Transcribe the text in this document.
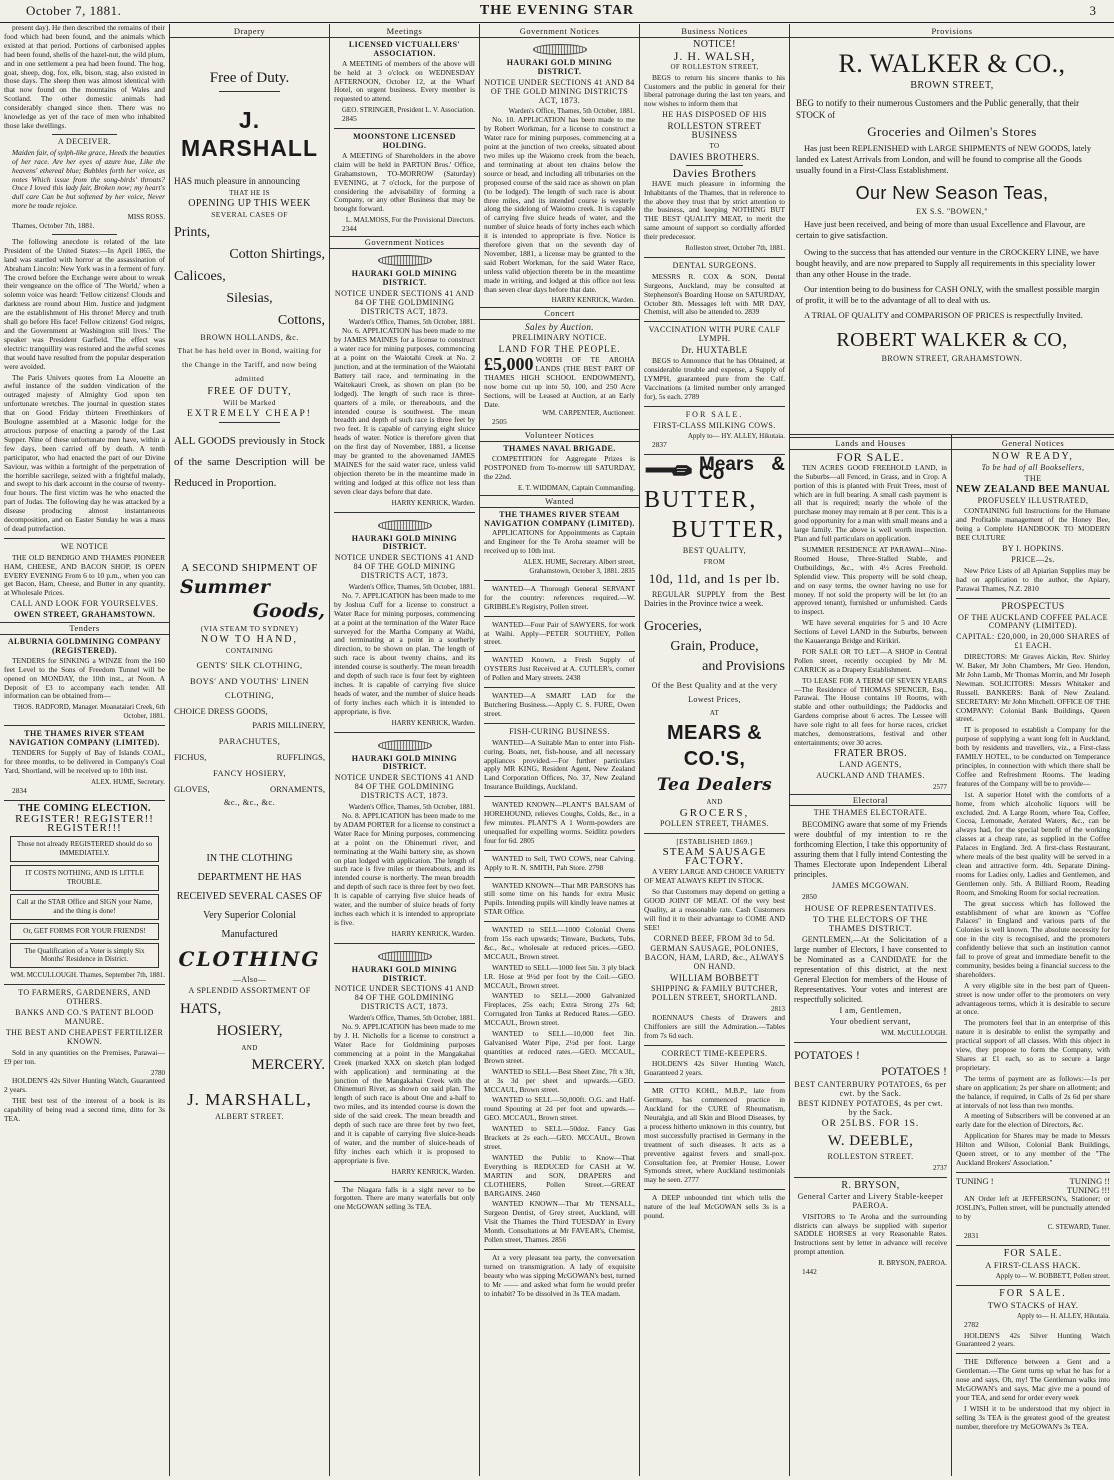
October 7, 1881.	THE EVENING STAR	3
present day). He then described the remains of their food which had been found, and the animals which existed at that period. Portions of carbonised apples had been found, shells of the hazel-nut, the wild plum, and in one settlement a pea had been found. The hog, goat, sheep, dog, fox, elk, bison, stag, also existed in those days. The sheep then was almost identical with that now found on the mountains of Wales and Scotland. The other domestic animals had considerably changed since then. There was no knowledge as yet of the race of men who inhabited those lake dwellings.
A DECEIVER.
Maiden fair, of sylph-like grace, Heeds the beauties of her race. Are her eyes of azure hue, Like the heavens' ethereal blue; Bubbles forth her voice, as notes Which issue from the song-birds' throats? Once I loved this lady fair, Broken now; my heart's dull care Can be but softened by her voice, Never more be made rejoice.
MISS ROSS.
Thames, October 7th, 1881.
The following anecdote is related of the late President of the United States:—In April 1865, the land was startled with horror at the assassination of Abraham Lincoln: New York was in a ferment of fury. The crowd before the Exchange were about to wreak their vengeance on the office of 'The World,' when a solemn voice was heard: 'Fellow citizens! Clouds and darkness are round about Him. Justice and judgment are the establishment of His throne! Mercy and truth shall go before His face! Fellow citizens! God reigns, and the Government at Washington still lives.' The speaker was President Garfield. The effect was electric: tranquillity was restored and the awful scenes that would have resulted from the popular desperation were avoided.
The Paris Univers quotes from La Alouette an awful instance of the sudden vindication of the outraged majesty of Almighty God upon ten unfortunate wretches. The journal in question states that on Good Friday thirteen Freethinkers of Boulogne assembled at a Masonic lodge for the atrocious purpose of enacting a parody of the Last Supper. Nine of these unfortunate men have, within a few days, been carried off by death. A tenth participator, who had enacted the part of our Divine Saviour, was within a fortnight of the perpetration of the horrible sacrilege, seized with a frightful malady, and swept to his dark account in the course of twenty-four hours. The first victim was he who enacted the part of Judas. The following day he was attacked by a disease producing almost instantaneous decomposition, and on Easter Sunday he was a mass of dead putrefaction.
WE NOTICE
THE OLD BENDIGO AND THAMES PIONEER HAM, CHEESE, AND BACON SHOP, IS OPEN EVERY EVENING From 6 to 10 p.m., when you can get Bacon, Ham, Cheese, and Butter in any quantity, at Wholesale Prices.
CALL AND LOOK FOR YOURSELVES.
OWEN STREET, GRAHAMSTOWN.
Tenders
ALBURNIA GOLDMINING COMPANY (REGISTERED).
TENDERS for SINKING a WINZE from the 160 feet Level to the Sons of Freedom Tunnel will be opened on MONDAY, the 10th inst., at Noon. A Deposit of £3 to accompany each tender. All information can be obtained from—
THOS. RADFORD, Manager. Moanataiari Creek, 6th October, 1881.
THE THAMES RIVER STEAM NAVIGATION COMPANY (LIMITED).
TENDERS for Supply of Bay of Islands COAL, for three months, to be delivered in Company's Coal Yard, Shortland, will be received up to 10th inst.
ALEX. HUME, Secretary.
2834
THE COMING ELECTION.
REGISTER! REGISTER!! REGISTER!!!
Those not already REGISTERED should do so IMMEDIATELY.
IT COSTS NOTHING, AND IS LITTLE TROUBLE.
Call at the STAR Office and SIGN your Name, and the thing is done!
Or, GET FORMS FOR YOUR FRIENDS!
The Qualification of a Voter is simply Six Months' Residence in District.
WM. MCCULLOUGH. Thames, September 7th, 1881.
TO FARMERS, GARDENERS, AND OTHERS.
BANKS AND CO.'S PATENT BLOOD MANURE.
THE BEST AND CHEAPEST FERTILIZER KNOWN.
Sold in any quantities on the Premises, Parawai—£9 per ton.
2780
HOLDEN'S 42s Silver Hunting Watch, Guaranteed 2 years.
THE best test of the interest of a book is its capability of being read a second time, ditto for 3s TEA.
Drapery
Free of Duty.
J. MARSHALL
HAS much pleasure in announcing
THAT HE IS
OPENING UP THIS WEEK
SEVERAL CASES OF
Prints,
Cotton Shirtings,
Calicoes,
Silesias,
Cottons,
BROWN HOLLANDS, &c.
That he has held over in Bond, waiting for the Change in the Tariff, and now being admitted
FREE OF DUTY,
Will be Marked
EXTREMELY CHEAP!
ALL GOODS previously in Stock of the same Description will be Reduced in Proportion.
A SECOND SHIPMENT OF
Summer
Goods,
(VIA STEAM TO SYDNEY)
NOW TO HAND,
CONTAINING
GENTS' SILK CLOTHING,
BOYS' AND YOUTHS' LINEN CLOTHING,
CHOICE DRESS GOODS,
PARIS MILLINERY,
PARACHUTES,
FICHUS,	RUFFLINGS,
FANCY HOSIERY,
GLOVES,	ORNAMENTS,
&c., &c., &c.
IN THE CLOTHING DEPARTMENT HE HAS RECEIVED SEVERAL CASES OF
Very Superior Colonial Manufactured
CLOTHING
—Also—
A SPLENDID ASSORTMENT OF
HATS,
HOSIERY,
AND
MERCERY.
J. MARSHALL,
ALBERT STREET.
Meetings
LICENSED VICTUALLERS' ASSOCIATION.
A MEETING of members of the above will be held at 3 o'clock on WEDNESDAY AFTERNOON, October 12, at the Wharf Hotel, on urgent business. Every member is requested to attend.
GEO. STRINGER, President L. V. Association.
2845
MOONSTONE LICENSED HOLDING.
A MEETING of Shareholders in the above claim will be held in PARTON Bros.' Office, Grahamstown, TO-MORROW (Saturday) EVENING, at 7 o'clock, for the purpose of considering the advisability of forming a Company, or any other Business that may be brought forward.
L. MALMOSS, For the Provisional Directors.
2344
Government Notices
HAURAKI GOLD MINING DISTRICT.
NOTICE UNDER SECTIONS 41 AND 84 OF THE GOLDMINING DISTRICTS ACT, 1873.
Warden's Office, Thames, 5th October, 1881.
No. 6. APPLICATION has been made to me by JAMES MAINES for a license to construct a water race for mining purposes, commencing at a point on the Waiotahi Creek at No. 2 junction, and at the termination of the Waiotahi Battery tail race, and terminating in the Waitekauri Creek, as shown on plan (to be lodged). The length of such race is three-quarters of a mile, or thereabouts, and the intended course is southwest. The mean breadth and depth of such race is three feet by two feet. It is capable of carrying eight sluice heads of water. Notice is therefore given that on the first day of November, 1881, a license may be granted to the abovenamed JAMES MAINES for the said water race, unless valid objection thereto be in the meantime made in writing and lodged at this office not less than seven clear days before that date.
HARRY KENRICK, Warden.
HAURAKI GOLD MINING DISTRICT.
NOTICE UNDER SECTIONS 41 AND 84 OF THE GOLD MINING DISTRICTS ACT, 1873.
Warden's Office, Thames, 5th October, 1881.
No. 7. APPLICATION has been made to me by Joshua Cuff for a license to construct a Water Race for mining purposes, commencing at a point at the termination of the Water Race surveyed for the Martha Company at Waihi, and terminating at a point in a southerly direction, to be shown on plan. The length of such race is about twenty chains, and its intended course is southerly. The mean breadth and depth of such race is four feet by eighteen inches. It is capable of carrying five sluice heads of water, and the number of sluice heads of forty inches each which it is intended to appropriate, is five.
HARRY KENRICK, Warden.
HAURAKI GOLD MINING DISTRICT.
NOTICE UNDER SECTIONS 41 AND 84 OF THE GOLDMINING DISTRICTS ACT, 1873.
Warden's Office, Thames, 5th October, 1881.
No. 8. APPLICATION has been made to me by ADAM PORTER for a license to construct a Water Race for Mining purposes, commencing at a point on the Ohinemuri river, and terminating at the Waihi battery site, as shown on plan lodged with application. The length of such race is five miles or thereabouts, and its intended course is northerly. The mean breadth and depth of such race is three feet by two feet. It is capable of carrying five sluice heads of water, and the number of sluice heads of forty inches each which it is intended to appropriate is five.
HARRY KENRICK, Warden.
HAURAKI GOLD MINING DISTRICT.
NOTICE UNDER SECTIONS 41 AND 84 OF THE GOLDMINING DISTRICTS ACT, 1873.
Warden's Office, Thames, 5th October, 1881.
No. 9. APPLICATION has been made to me by J. H. Nicholls for a license to construct a Water Race for Goldmining purposes commencing at a point in the Mangakahai Creek (marked XXX on sketch plan lodged with application) and terminating at the junction of the Mangakahai Creek with the Ohinemuri River, as shown on said plan. The length of such race is about One and a-half to two miles, and its intended course is down the side of the said creek. The mean breadth and depth of such race are three feet by two feet, and it is capable of carrying five sluice-heads of water, and the number of sluice-heads of fifty inches each which it is proposed to appropriate is five.
HARRY KENRICK, Warden.
The Niagara falls is a sight never to be forgotten. There are many waterfalls but only one McGOWAN selling 3s TEA.
Government Notices
HAURAKI GOLD MINING DISTRICT.
NOTICE UNDER SECTIONS 41 AND 84 OF THE GOLD MINING DISTRICTS ACT, 1873.
Warden's Office, Thames, 5th October, 1881.
No. 10. APPLICATION has been made to me by Robert Workman, for a license to construct a Water race for mining purposes, commencing at a point at the junction of two creeks, situated about two miles up the Waiomo creek from the beach, and terminating at about ten chains below the source or head, and including all tributaries on the proposed course of the said race as shown on plan (to be lodged). The length of such race is about three miles, and its intended course is westerly along the sidelong of Waiomo creek. It is capable of carrying five sluice heads of water, and the number of sluice heads of forty inches each which it is intended to appropriate is five. Notice is therefore given that on the seventh day of November, 1881, a license may be granted to the said Robert Workman, for the said Water Race, unless valid objection thereto be in the meantime made in writing, and lodged at this office not less than seven clear days before that date.
HARRY KENRICK, Warden.
Concert
Sales by Auction.
PRELIMINARY NOTICE.
LAND FOR THE PEOPLE.
£5,000 WORTH OF TE AROHA LANDS (THE BEST PART OF THAMES HIGH SCHOOL ENDOWMENT), now borne cut up into 50, 100, and 250 Acre Sections, will be Leased at Auction, at an Early Date.
WM. CARPENTER, Auctioneer.
2505
Volunteer Notices
THAMES NAVAL BRIGADE.
COMPETITION for Aggregate Prizes is POSTPONED from To-morrow till SATURDAY, the 22nd.
E. T. WIDDMAN, Captain Commanding.
Wanted
THE THAMES RIVER STEAM NAVIGATION COMPANY (LIMITED).
APPLICATIONS for Appointments as Captain and Engineer for the Te Aroha steamer will be received up to 10th inst.
ALEX. HUME, Secretary. Albert street, Grahamstown, October 3, 1881. 2835
WANTED—A Thorough General SERVANT for the country: references required.—W. GRIBBLE's Registry, Pollen street.
WANTED—Four Pair of SAWYERS, for work at Waihi. Apply—PETER SOUTHEY, Pollen street.
WANTED Known, a Fresh Supply of OYSTERS Just Received at A. CUTLER's, corner of Pollen and Mary streets. 2438
WANTED—A SMART LAD for the Butchering Business.—Apply C. S. FURE, Owen street.
FISH-CURING BUSINESS.
WANTED—A Suitable Man to enter into Fish-curing. Boats, net, fish-house, and all necessary appliances provided.—For further particulars apply MR KING, Resident Agent, New Zealand Land Corporation Offices, No. 37, New Zealand Insurance Buildings, Auckland.
WANTED KNOWN—PLANT'S BALSAM of HOREHOUND, relieves Coughs, Colds, &c., in a few minutes. PLANT'S A 1 Worm-powders are unequalled for expelling worms. Seidlitz powders four for 6d. 2805
WANTED to Sell, TWO COWS, near Calving. Apply to R. N. SMITH, Pah Store. 2798
WANTED KNOWN—That MR PARSONS has still some time on his hands for extra Music Pupils. Intending pupils will kindly leave names at STAR Office.
WANTED to SELL—1000 Colonial Ovens from 15s each upwards; Tinware, Buckets, Tubs, &c., &c., wholesale at reduced prices.—GEO. MCCAUL, Brown street.
WANTED to SELL—1000 feet 5in. 3 ply black I.R. Hose at 9½d per foot by the Coil.—GEO. MCCAUL, Brown street.
WANTED to SELL—2000 Galvanized Fireplaces, 25s each; Extra Strong 27s 6d; Corrugated Iron Tanks at Reduced Rates.—GEO. MCCAUL, Brown street.
WANTED to SELL—10,000 feet 3in. Galvanised Water Pipe, 2½d per foot. Large quantities at reduced rates.—GEO. MCCAUL, Brown street.
WANTED to SELL—Best Sheet Zinc, 7ft x 3ft, at 3s 3d per sheet and upwards.—GEO. MCCAUL, Brown street.
WANTED to SELL—50,000ft. O.G. and Half-round Spouting at 2d per foot and upwards.—GEO. MCCAUL, Brown street.
WANTED to SELL—50doz. Fancy Gas Brackets at 2s each.—GEO. MCCAUL, Brown street.
WANTED the Public to Know—That Everything is REDUCED for CASH at W. MARTIN and SON, DRAPERS and CLOTHIERS, Pollen Street.—GREAT BARGAINS. 2460
WANTED KNOWN—That Mr TENSALL, Surgeon Dentist, of Grey street, Auckland, will Visit the Thames the Third TUESDAY in Every Month. Consultations at Mr FAVEAR's, Chemist, Pollen street, Thames. 2856
At a very pleasant tea party, the conversation turned on transmigration. A lady of exquisite beauty who was sipping McGOWAN's best, turned to Mr —— and asked what form he would prefer to inhabit? To be dissolved in 3s TEA madam.
Business Notices
NOTICE!
J. H. WALSH,
OF ROLLESTON STREET,
BEGS to return his sincere thanks to his Customers and the public in general for their liberal patronage during the last ten years, and now wishes to inform them that
HE HAS DISPOSED OF HIS
ROLLESTON STREET BUSINESS
TO
DAVIES BROTHERS.
Davies Brothers
HAVE much pleasure in informing the Inhabitants of the Thames, that in reference to the above they trust that by strict attention to the business, and keeping NOTHING BUT THE BEST QUALITY MEAT, to merit the same amount of support so cordially afforded their predecessor.
Rolleston street, October 7th, 1881.
DENTAL SURGEONS.
MESSRS R. COX & SON, Dental Surgeons, Auckland, may be consulted at Stephenson's Boarding House on SATURDAY, October 8th. Messages left with MR DAY, Chemist, will also be attended to. 2839
VACCINATION WITH PURE CALF LYMPH.
Dr. HUXTABLE
BEGS to Announce that he has Obtained, at considerable trouble and expense, a Supply of LYMPH, guaranteed pure from the Calf. Vaccinations (a limited number only arranged for), 5s each. 2789
FOR SALE.
FIRST-CLASS MILKING COWS.
Apply to— HY. ALLEY, Hikutaia.
2837
Mears & Co
BUTTER,
BUTTER,
BEST QUALITY,
FROM
10d, 11d, and 1s per lb.
REGULAR SUPPLY from the Best Dairies in the Province twice a week.
Groceries,
Grain, Produce,
and Provisions
Of the Best Quality and at the very Lowest Prices,
AT
MEARS & CO.'S,
Tea Dealers
AND
GROCERS,
POLLEN STREET, THAMES.
[ESTABLISHED 1869.]
STEAM SAUSAGE FACTORY.
A VERY LARGE AND CHOICE VARIETY OF MEAT ALWAYS KEPT IN STOCK.
So that Customers may depend on getting a GOOD JOINT OF MEAT. Of the very best Quality, at a reasonable rate. Cash Customers will find it to their advantage to COME AND SEE!
CORNED BEEF, FROM 3d to 5d.
GERMAN SAUSAGE, POLONIES, BACON, HAM, LARD, &c., ALWAYS ON HAND.
WILLIAM BOBBETT
SHIPPING & FAMILY BUTCHER, POLLEN STREET, SHORTLAND.
2813
ROENNAU'S Chests of Drawers and Chiffoniers are still the Admiration.—Tables from 7s 6d each.
CORRECT TIME-KEEPERS.
HOLDEN'S 42s Silver Hunting Watch, Guaranteed 2 years.
MR OTTO KOHL, M.B.P., late from Germany, has commenced practice in Auckland for the CURE of Rheumatism, Neuralgia, and all Skin and Blood Diseases, by a process hitherto unknown in this country, but most successfully practised in Germany in the treatment of such diseases. It acts as a preventive against fevers and small-pox. Consultation fee, at Premier House, Lower Symonds street, where Auckland testimonials may be seen. 2777
A DEEP unbounded tint which tells the nature of the leaf McGOWAN sells 3s is a pound.
Provisions
R. WALKER & CO.,
BROWN STREET,
BEG to notify to their numerous Customers and the Public generally, that their STOCK of
Groceries and Oilmen's Stores
Has just been REPLENISHED with LARGE SHIPMENTS of NEW GOODS, lately landed ex Latest Arrivals from London, and will be found to comprise all the Goods usually found in a First-Class Establishment.
Our New Season Teas,
EX S.S. "BOWEN,"
Have just been received, and being of more than usual Excellence and Flavour, are certain to give satisfaction.
Owing to the success that has attended our venture in the CROCKERY LINE, we have bought heavily, and are now prepared to Supply all requirements in this speciality lower than any other House in the trade.
Our intention being to do business for CASH ONLY, with the smallest possible margin of profit, it will be to the advantage of all to deal with us.
A TRIAL OF QUALITY and COMPARISON OF PRICES is respectfully Invited.
ROBERT WALKER & CO,
BROWN STREET, GRAHAMSTOWN.
Lands and Houses
FOR SALE.
TEN ACRES GOOD FREEHOLD LAND, in the Suburbs—all Fenced, in Grass, and in Crop. A portion of this is planted with Fruit Trees, most of which are in full bearing. A small cash payment is all that is required; nearly the whole of the purchase money may remain at 8 per cent. This is a good opportunity for a man with small means and a large family. The above is well worth inspection. Plan and full particulars on application.
SUMMER RESIDENCE AT PARAWAI—Nine-Roomed House, Three-Stalled Stable, and Outbuildings, &c., with 4½ Acres Freehold. Splendid view. This property will be sold cheap, and on easy terms, the owner having no use for money. If not sold the property will be let (to an approved tenant), furnished or unfurnished. Cards to inspect.
WE have several enquiries for 5 and 10 Acre Sections of Level LAND in the Suburbs, between the Kauaeranga Bridge and Kirikiri.
FOR SALE OR TO LET—A SHOP in Central Pollen street, recently occupied by Mr M. CARRICK as a Drapery Establishment.
TO LEASE FOR A TERM OF SEVEN YEARS—The Residence of THOMAS SPENCER, Esq., Parawai. The House contains 10 Rooms, with stable and other outbuildings; the Paddocks and Gardens comprise about 6 acres. The Lessee will have sole right to all fees for horse races, cricket matches, demonstrations, festival and other entertainments; over 30 acres.
FRATER BROS.
LAND AGENTS,
AUCKLAND AND THAMES.
2577
Electoral
THE THAMES ELECTORATE.
BECOMING aware that some of my Friends were doubtful of my intention to re the forthcoming Election, I take this opportunity of assuring them that I fully intend Contesting the Thames Electorate upon Independent Liberal principles.
JAMES MCGOWAN.
2850
HOUSE OF REPRESENTATIVES.
TO THE ELECTORS OF THE THAMES DISTRICT.
GENTLEMEN,—At the Solicitation of a large number of Electors, I have consented to be Nominated as a CANDIDATE for the representation of this district, at the next General Election for members of the House of Representatives. Your votes and interest are respectfully solicited.
I am, Gentlemen,
Your obedient servant,
WM. McCULLOUGH.
POTATOES !
POTATOES !
BEST CANTERBURY POTATOES, 6s per cwt. by the Sack.
BEST KIDNEY POTATOES, 4s per cwt. by the Sack.
OR 25LBS. FOR 1S.
W. DEEBLE,
ROLLESTON STREET.
2737
R. BRYSON,
General Carter and Livery Stable-keeper PAEROA.
VISITORS to Te Aroha and the surrounding districts can always be supplied with superior SADDLE HORSES at very Reasonable Rates. Instructions sent by letter in advance will receive prompt attention.
R. BRYSON, PAEROA.
1442
General Notices
NOW READY,
To be had of all Booksellers,
THE
NEW ZEALAND BEE MANUAL
PROFUSELY ILLUSTRATED,
CONTAINING full Instructions for the Humane and Profitable management of the Honey Bee, being a Complete HANDBOOK TO MODERN BEE CULTURE
BY I. HOPKINS.
PRICE—2s.
New Price Lists of all Apiarian Supplies may be had on application to the author, the Apiary, Parawai Thames, N.Z. 2810
PROSPECTUS
OF THE AUCKLAND COFFEE PALACE COMPANY (LIMITED).
CAPITAL: £20,000, in 20,000 SHARES of £1 EACH.
DIRECTORS: Mr Graves Aickin, Rev. Shirley W. Baker, Mr John Chambers, Mr Geo. Hendon, Mr John Lamb, Mr Thomas Morrin, and Mr Joseph Newman. SOLICITORS: Messrs Whitaker and Russell. BANKERS: Bank of New Zealand. SECRETARY: Mr John Mitchell. OFFICE OF THE COMPANY: Colonial Bank Buildings, Queen street.
IT is proposed to establish a Company for the purpose of supplying a want long felt in Auckland, both by residents and travellers, viz., a First-class FAMILY HOTEL, to be conducted on Temperance principles, in connection with which there shall be Coffee and Refreshment Rooms. The leading features of the Company will be to provide—
1st. A superior Hotel with the comforts of a home, from which alcoholic liquors will be excluded. 2nd. A Large Room, where Tea, Coffee, Cocoa, Lemonade, Aerated Waters, &c., can be always had, for the special benefit of the working classes at a cheap rate, as supplied in the Coffee Palaces in England. 3rd. A first-class Restaurant, where meals of the best quality will be served in a clean and attractive form. 4th. Separate Dining-rooms for Ladies only, Ladies and Gentlemen, and Gentlemen only. 5th. A Billiard Room, Reading Room, and Smoking Room for social recreation.
The great success which has followed the establishment of what are known as "Coffee Palaces" in England and various parts of the Colonies is well known. The absolute necessity for one in the city is recognised, and the promoters confidently believe that such an institution cannot fail to prove of great and immediate benefit to the community, besides being a financial success to the shareholders.
A very eligible site in the best part of Queen-street is now under offer to the promoters on very advantageous terms, which it is desirable to secure at once.
The promoters feel that in an enterprise of this nature it is desirable to enlist the sympathy and practical support of all classes. With this object in view, they propose to form the Company, with Shares at £1 each, so as to secure a large proprietary.
The terms of payment are as follows:—1s per share on application; 2s per share on allotment; and the balance, if required, in Calls of 2s 6d per share at intervals of not less than two months.
A meeting of Subscribers will be convened at an early date for the election of Directors, &c.
Application for Shares may be made to Messrs Hilton and Wilson, Colonial Bank Buildings, Queen street, or to any member of the "The Auckland Brokers' Association."
TUNING !	TUNING !!
TUNING !!!
AN Order left at JEFFERSON's, Stationer; or JOSLIN's, Pollen street, will be punctually attended to by
C. STEWARD, Tuner.
2831
FOR SALE.
A FIRST-CLASS HACK.
Apply to— W. BOBBETT, Pollen street.
FOR SALE.
TWO STACKS of HAY.
Apply to— H. ALLEY, Hikutaia.
2782
HOLDEN'S 42s Silver Hunting Watch Guaranteed 2 years.
THE Difference between a Gent and a Gentleman.—The Gent turns up what he has for a nose and says, Oh, my! The Gentleman walks into McGOWAN's and says, Mac give me a pound of your TEA, and send for order every week
I WISH it to be understood that my object in selling 3s TEA is the greatest good of the greatest number, therefore try McGOWAN's 3s TEA.
